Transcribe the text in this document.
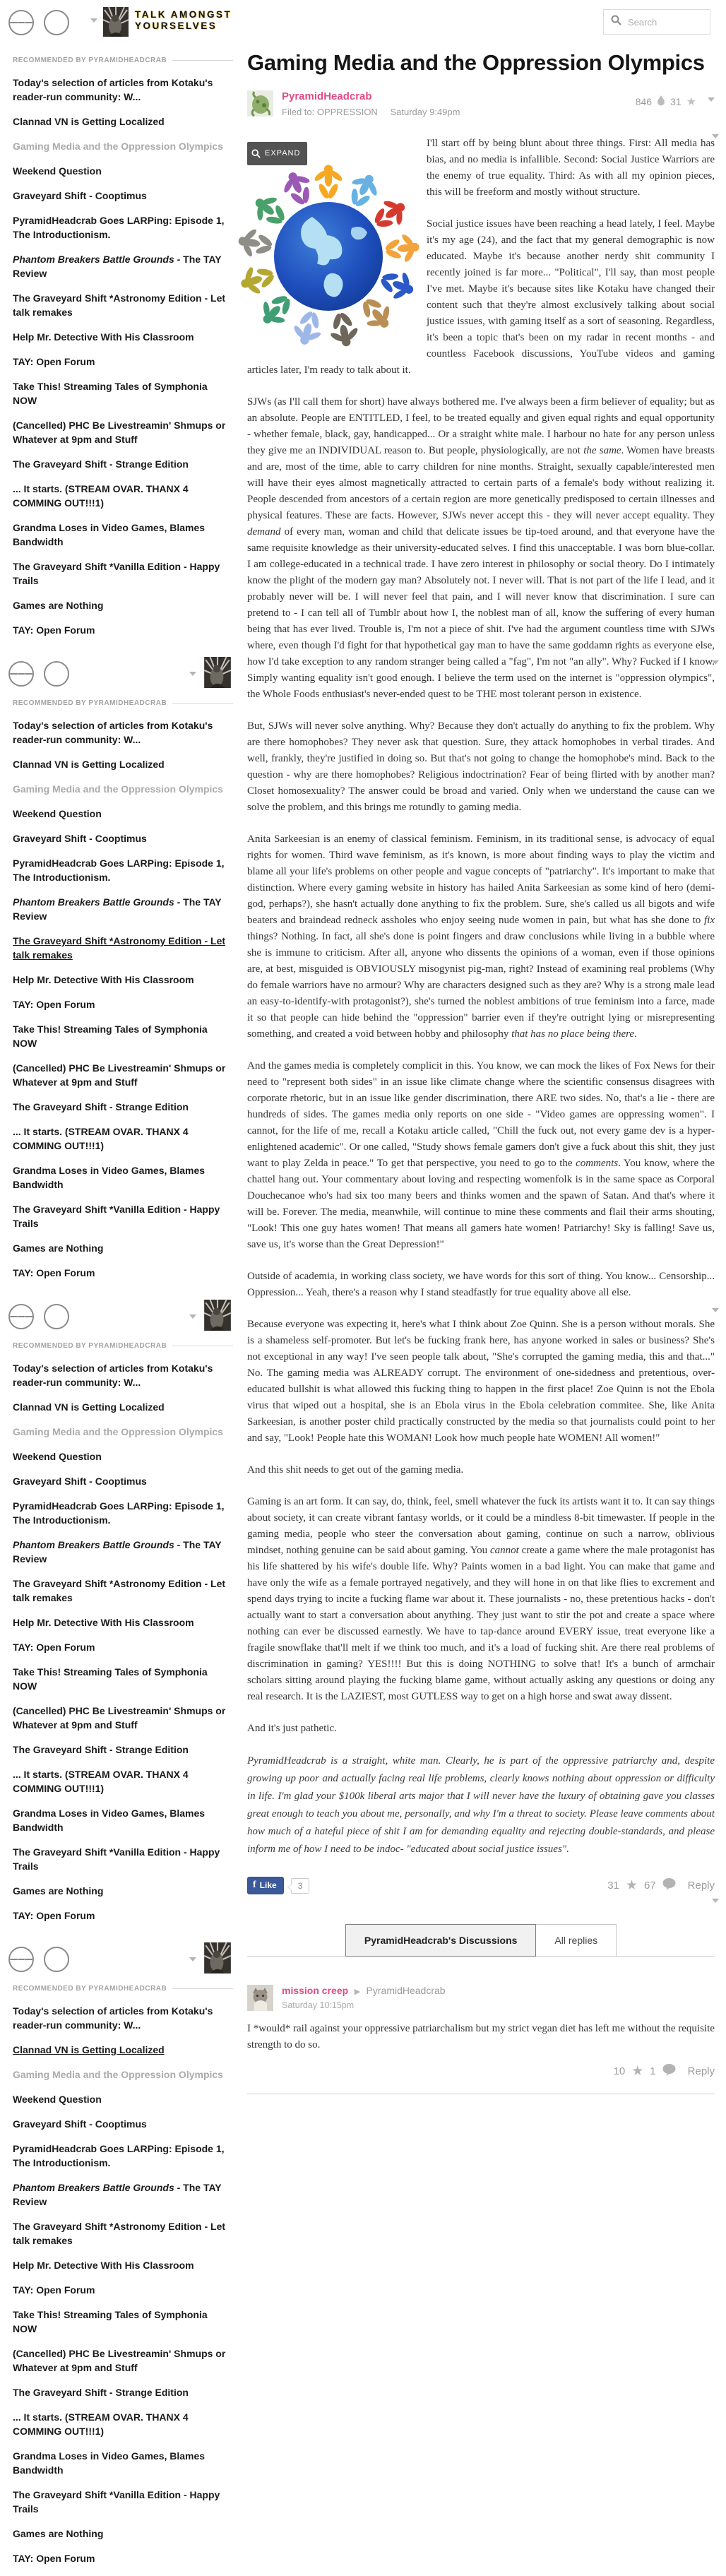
TALK AMONGST
YOURSELVES
Search
RECOMMENDED BY PYRAMIDHEADCRAB
Today's selection of articles from Kotaku's reader-run community: W...
Clannad VN is Getting Localized
Gaming Media and the Oppression Olympics
Weekend Question
Graveyard Shift - Cooptimus
PyramidHeadcrab Goes LARPing: Episode 1, The Introductionism.
Phantom Breakers Battle Grounds - The TAY Review
The Graveyard Shift *Astronomy Edition - Let talk remakes
Help Mr. Detective With His Classroom
TAY: Open Forum
Take This! Streaming Tales of Symphonia NOW
(Cancelled) PHC Be Livestreamin' Shmups or Whatever at 9pm and Stuff
The Graveyard Shift - Strange Edition
... It starts. (STREAM OVAR. THANX 4 COMMING OUT!!!1)
Grandma Loses in Video Games, Blames Bandwidth
The Graveyard Shift *Vanilla Edition - Happy Trails
Games are Nothing
TAY: Open Forum
RECOMMENDED BY PYRAMIDHEADCRAB
Today's selection of articles from Kotaku's reader-run community: W...
Clannad VN is Getting Localized
Gaming Media and the Oppression Olympics
Weekend Question
Graveyard Shift - Cooptimus
PyramidHeadcrab Goes LARPing: Episode 1, The Introductionism.
Phantom Breakers Battle Grounds - The TAY Review
The Graveyard Shift *Astronomy Edition - Let talk remakes
Help Mr. Detective With His Classroom
TAY: Open Forum
Take This! Streaming Tales of Symphonia NOW
(Cancelled) PHC Be Livestreamin' Shmups or Whatever at 9pm and Stuff
The Graveyard Shift - Strange Edition
... It starts. (STREAM OVAR. THANX 4 COMMING OUT!!!1)
Grandma Loses in Video Games, Blames Bandwidth
The Graveyard Shift *Vanilla Edition - Happy Trails
Games are Nothing
TAY: Open Forum
RECOMMENDED BY PYRAMIDHEADCRAB
Today's selection of articles from Kotaku's reader-run community: W...
Clannad VN is Getting Localized
Gaming Media and the Oppression Olympics
Weekend Question
Graveyard Shift - Cooptimus
PyramidHeadcrab Goes LARPing: Episode 1, The Introductionism.
Phantom Breakers Battle Grounds - The TAY Review
The Graveyard Shift *Astronomy Edition - Let talk remakes
Help Mr. Detective With His Classroom
TAY: Open Forum
Take This! Streaming Tales of Symphonia NOW
(Cancelled) PHC Be Livestreamin' Shmups or Whatever at 9pm and Stuff
The Graveyard Shift - Strange Edition
... It starts. (STREAM OVAR. THANX 4 COMMING OUT!!!1)
Grandma Loses in Video Games, Blames Bandwidth
The Graveyard Shift *Vanilla Edition - Happy Trails
Games are Nothing
TAY: Open Forum
RECOMMENDED BY PYRAMIDHEADCRAB
Today's selection of articles from Kotaku's reader-run community: W...
Clannad VN is Getting Localized
Gaming Media and the Oppression Olympics
Weekend Question
Graveyard Shift - Cooptimus
PyramidHeadcrab Goes LARPing: Episode 1, The Introductionism.
Phantom Breakers Battle Grounds - The TAY Review
The Graveyard Shift *Astronomy Edition - Let talk remakes
Help Mr. Detective With His Classroom
TAY: Open Forum
Take This! Streaming Tales of Symphonia NOW
(Cancelled) PHC Be Livestreamin' Shmups or Whatever at 9pm and Stuff
The Graveyard Shift - Strange Edition
... It starts. (STREAM OVAR. THANX 4 COMMING OUT!!!1)
Grandma Loses in Video Games, Blames Bandwidth
The Graveyard Shift *Vanilla Edition - Happy Trails
Games are Nothing
TAY: Open Forum
Gaming Media and the Oppression Olympics
PyramidHeadcrab
Filed to: OPPRESSION Saturday 9:49pm
846 31 ★
EXPAND

I'll start off by being blunt about three things. First: All media has bias, and no media is infallible. Second: Social Justice Warriors are the enemy of true equality. Third: As with all my opinion pieces, this will be freeform and mostly without structure.

Social justice issues have been reaching a head lately, I feel. Maybe it's my age (24), and the fact that my general demographic is now educated. Maybe it's because another nerdy shit community I recently joined is far more... "Political", I'll say, than most people I've met. Maybe it's because sites like Kotaku have changed their content such that they're almost exclusively talking about social justice issues, with gaming itself as a sort of seasoning. Regardless, it's been a topic that's been on my radar in recent months - and countless Facebook discussions, YouTube videos and gaming articles later, I'm ready to talk about it.

SJWs (as I'll call them for short) have always bothered me. I've always been a firm believer of equality; but as an absolute. People are ENTITLED, I feel, to be treated equally and given equal rights and equal opportunity - whether female, black, gay, handicapped... Or a straight white male. I harbour no hate for any person unless they give me an INDIVIDUAL reason to. But people, physiologically, are not the same. Women have breasts and are, most of the time, able to carry children for nine months. Straight, sexually capable/interested men will have their eyes almost magnetically attracted to certain parts of a female's body without realizing it. People descended from ancestors of a certain region are more genetically predisposed to certain illnesses and physical features. These are facts. However, SJWs never accept this - they will never accept equality. They demand of every man, woman and child that delicate issues be tip-toed around, and that everyone have the same requisite knowledge as their university-educated selves. I find this unacceptable. I was born blue-collar. I am college-educated in a technical trade. I have zero interest in philosophy or social theory. Do I intimately know the plight of the modern gay man? Absolutely not. I never will. That is not part of the life I lead, and it probably never will be. I will never feel that pain, and I will never know that discrimination. I sure can pretend to - I can tell all of Tumblr about how I, the noblest man of all, know the suffering of every human being that has ever lived. Trouble is, I'm not a piece of shit. I've had the argument countless time with SJWs where, even though I'd fight for that hypothetical gay man to have the same goddamn rights as everyone else, how I'd take exception to any random stranger being called a "fag", I'm not "an ally". Why? Fucked if I know. Simply wanting equality isn't good enough. I believe the term used on the internet is "oppression olympics", the Whole Foods enthusiast's never-ended quest to be THE most tolerant person in existence.

But, SJWs will never solve anything. Why? Because they don't actually do anything to fix the problem. Why are there homophobes? They never ask that question. Sure, they attack homophobes in verbal tirades. And well, frankly, they're justified in doing so. But that's not going to change the homophobe's mind. Back to the question - why are there homophobes? Religious indoctrination? Fear of being flirted with by another man? Closet homosexuality? The answer could be broad and varied. Only when we understand the cause can we solve the problem, and this brings me rotundly to gaming media.

Anita Sarkeesian is an enemy of classical feminism. Feminism, in its traditional sense, is advocacy of equal rights for women. Third wave feminism, as it's known, is more about finding ways to play the victim and blame all your life's problems on other people and vague concepts of "patriarchy". It's important to make that distinction. Where every gaming website in history has hailed Anita Sarkeesian as some kind of hero (demi-god, perhaps?), she hasn't actually done anything to fix the problem. Sure, she's called us all bigots and wife beaters and braindead redneck assholes who enjoy seeing nude women in pain, but what has she done to fix things? Nothing. In fact, all she's done is point fingers and draw conclusions while living in a bubble where she is immune to criticism. After all, anyone who dissents the opinions of a woman, even if those opinions are, at best, misguided is OBVIOUSLY misogynist pig-man, right? Instead of examining real problems (Why do female warriors have no armour? Why are characters designed such as they are? Why is a strong male lead an easy-to-identify-with protagonist?), she's turned the noblest ambitions of true feminism into a farce, made it so that people can hide behind the "oppression" barrier even if they're outright lying or misrepresenting something, and created a void between hobby and philosophy that has no place being there.

And the games media is completely complicit in this. You know, we can mock the likes of Fox News for their need to "represent both sides" in an issue like climate change where the scientific consensus disagrees with corporate rhetoric, but in an issue like gender discrimination, there ARE two sides. No, that's a lie - there are hundreds of sides. The games media only reports on one side - "Video games are oppressing women". I cannot, for the life of me, recall a Kotaku article called, "Chill the fuck out, not every game dev is a hyper-enlightened academic". Or one called, "Study shows female gamers don't give a fuck about this shit, they just want to play Zelda in peace." To get that perspective, you need to go to the comments. You know, where the chattel hang out. Your commentary about loving and respecting womenfolk is in the same space as Corporal Douchecanoe who's had six too many beers and thinks women and the spawn of Satan. And that's where it will be. Forever. The media, meanwhile, will continue to mine these comments and flail their arms shouting, "Look! This one guy hates women! That means all gamers hate women! Patriarchy! Sky is falling! Save us, save us, it's worse than the Great Depression!"

Outside of academia, in working class society, we have words for this sort of thing. You know... Censorship... Oppression... Yeah, there's a reason why I stand steadfastly for true equality above all else.

Because everyone was expecting it, here's what I think about Zoe Quinn. She is a person without morals. She is a shameless self-promoter. But let's be fucking frank here, has anyone worked in sales or business? She's not exceptional in any way! I've seen people talk about, "She's corrupted the gaming media, this and that..." No. The gaming media was ALREADY corrupt. The environment of one-sidedness and pretentious, over-educated bullshit is what allowed this fucking thing to happen in the first place! Zoe Quinn is not the Ebola virus that wiped out a hospital, she is an Ebola virus in the Ebola celebration commitee. She, like Anita Sarkeesian, is another poster child practically constructed by the media so that journalists could point to her and say, "Look! People hate this WOMAN! Look how much people hate WOMEN! All women!"

And this shit needs to get out of the gaming media.

Gaming is an art form. It can say, do, think, feel, smell whatever the fuck its artists want it to. It can say things about society, it can create vibrant fantasy worlds, or it could be a mindless 8-bit timewaster. If people in the gaming media, people who steer the conversation about gaming, continue on such a narrow, oblivious mindset, nothing genuine can be said about gaming. You cannot create a game where the male protagonist has his life shattered by his wife's double life. Why? Paints women in a bad light. You can make that game and have only the wife as a female portrayed negatively, and they will hone in on that like flies to excrement and spend days trying to incite a fucking flame war about it. These journalists - no, these pretentious hacks - don't actually want to start a conversation about anything. They just want to stir the pot and create a space where nothing can ever be discussed earnestly. We have to tap-dance around EVERY issue, treat everyone like a fragile snowflake that'll melt if we think too much, and it's a load of fucking shit. Are there real problems of discrimination in gaming? YES!!!! But this is doing NOTHING to solve that! It's a bunch of armchair scholars sitting around playing the fucking blame game, without actually asking any questions or doing any real research. It is the LAZIEST, most GUTLESS way to get on a high horse and swat away dissent.

And it's just pathetic.

PyramidHeadcrab is a straight, white man. Clearly, he is part of the oppressive patriarchy and, despite growing up poor and actually facing real life problems, clearly knows nothing about oppression or difficulty in life. I'm glad your $100k liberal arts major that I will never have the luxury of obtaining gave you classes great enough to teach you about me, personally, and why I'm a threat to society. Please leave comments about how much of a hateful piece of shit I am for demanding equality and rejecting double-standards, and please inform me of how I need to be indoc- "educated about social justice issues".

f Like	3	31 ★ 67	Reply
PyramidHeadcrab's Discussions	All replies
mission creep ▶ PyramidHeadcrab
Saturday 10:15pm
I *would* rail against your oppressive patriarchalism but my strict vegan diet has left me without the requisite strength to do so.
10 ★ 1	Reply
